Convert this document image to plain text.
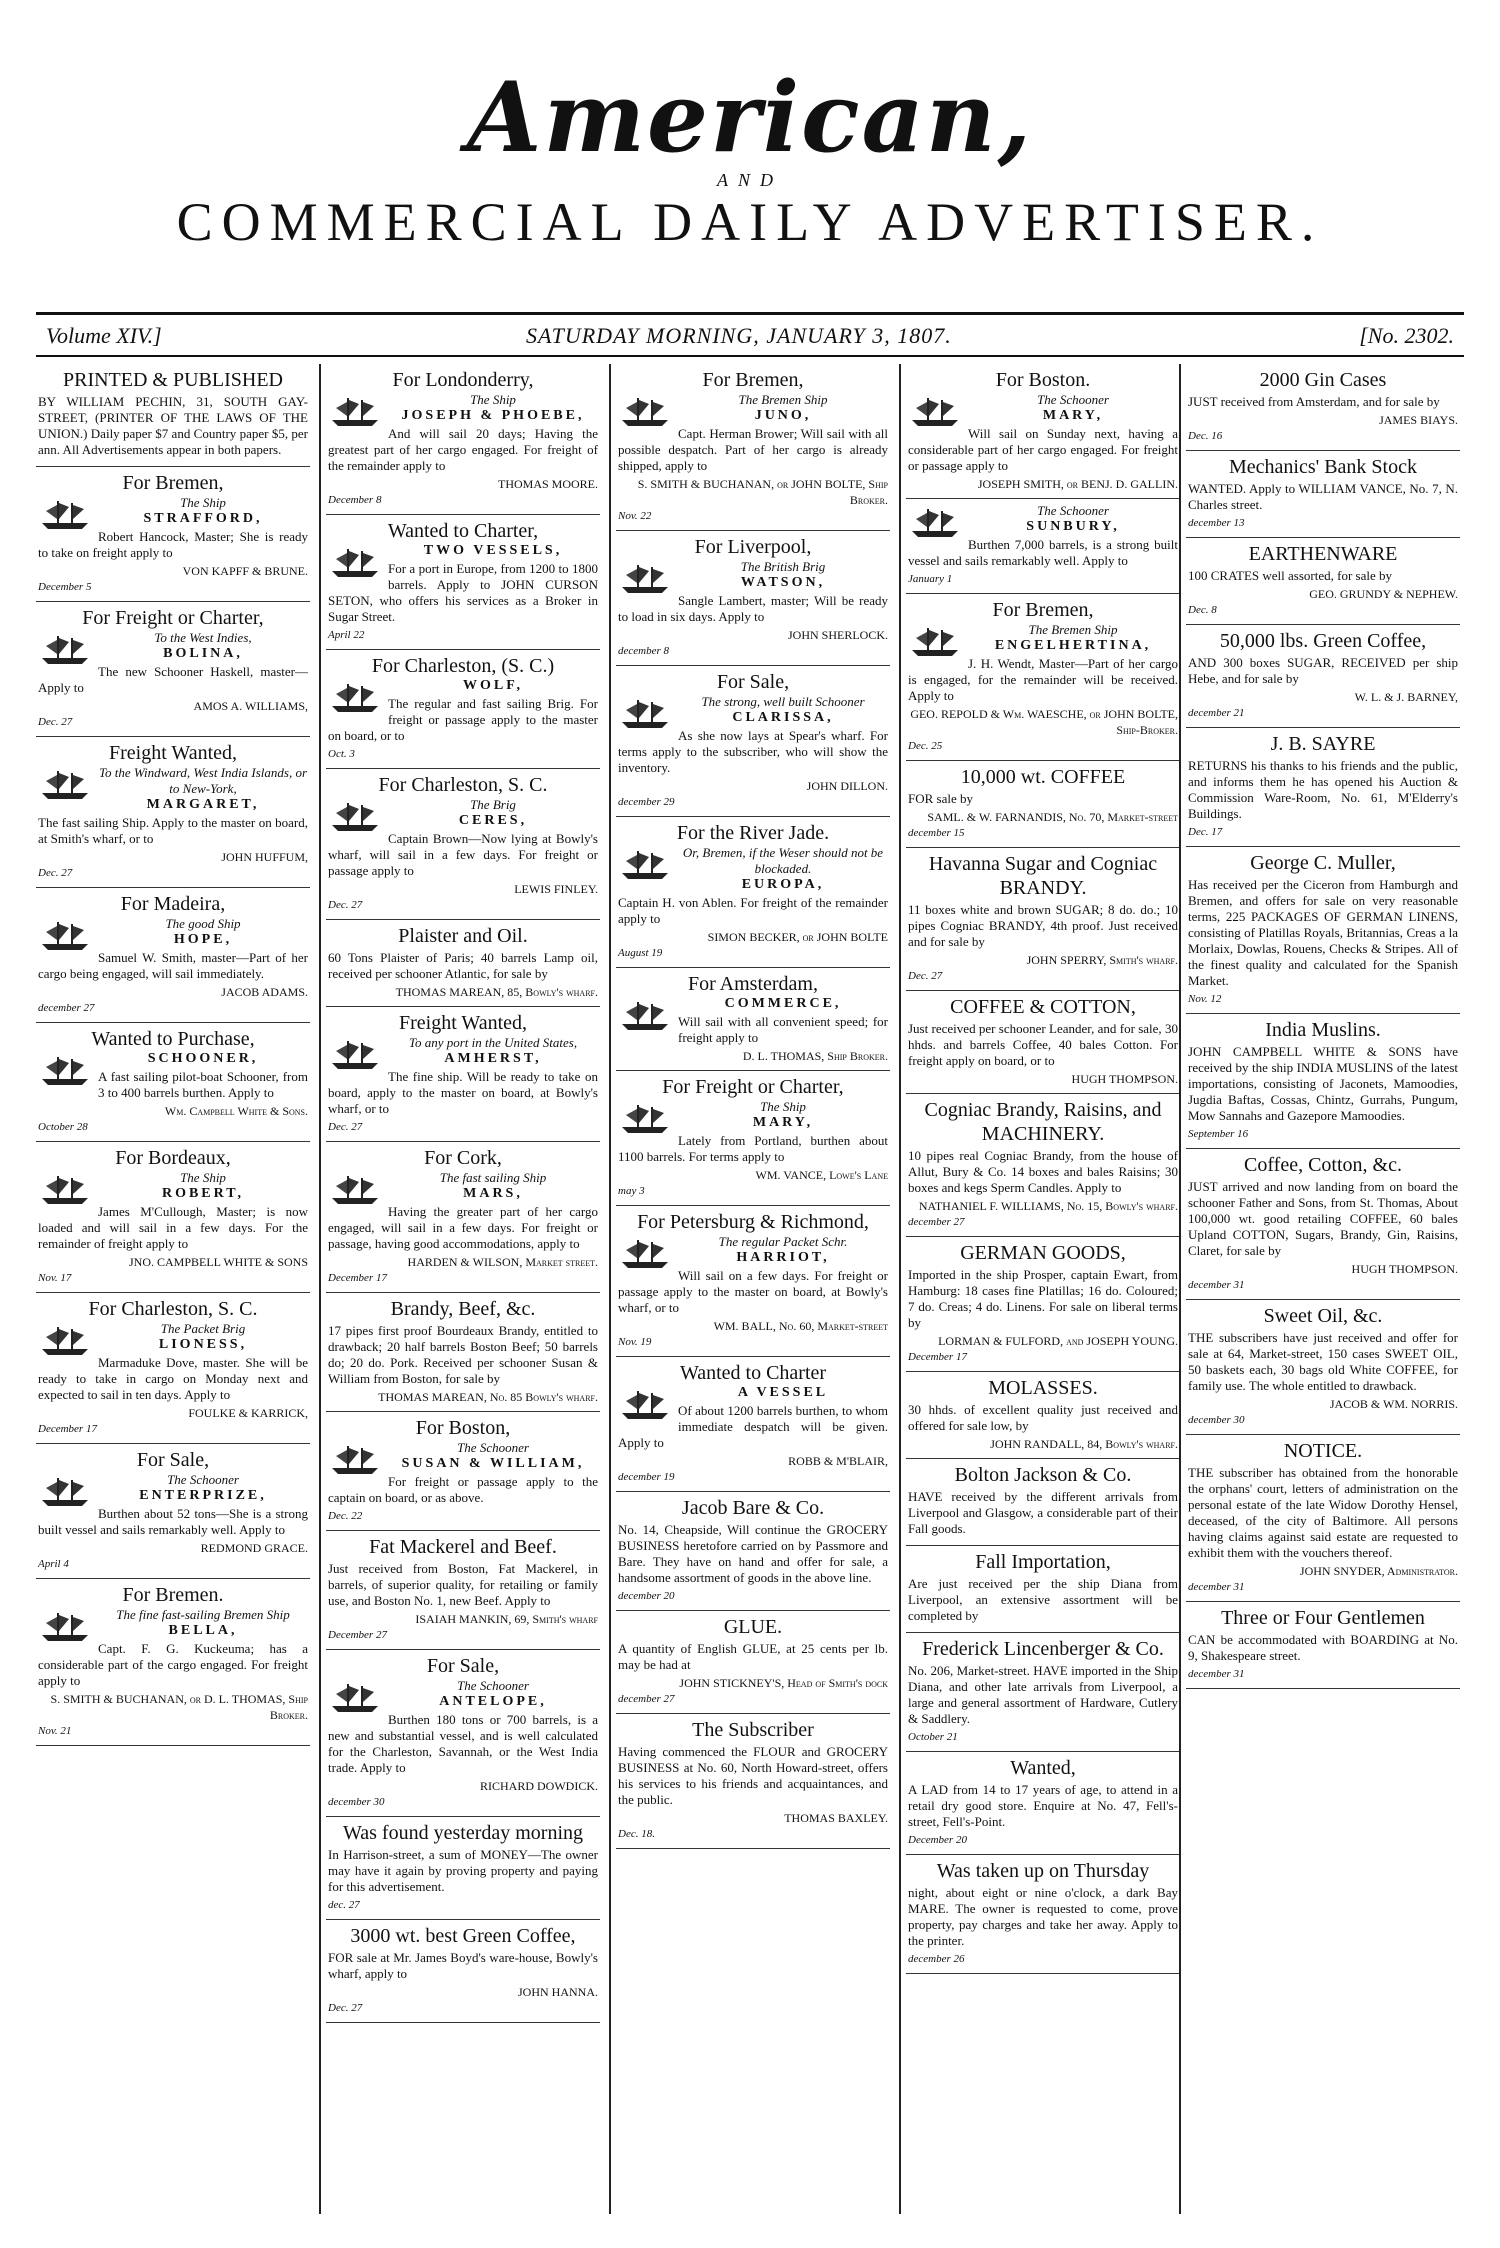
American,
AND
COMMERCIAL DAILY ADVERTISER.
Volume XIV.]	SATURDAY MORNING, JANUARY 3, 1807.	[No. 2302.
PRINTED & PUBLISHED

BY WILLIAM PECHIN, 31, SOUTH GAY-STREET, (PRINTER OF THE LAWS OF THE UNION.) Daily paper $7 and Country paper $5, per ann. All Advertisements appear in both papers.

For Bremen,
The Ship
STRAFFORD,

Robert Hancock, Master; She is ready to take on freight apply to

VON KAPFF & BRUNE.
December 5
For Freight or Charter,
To the West Indies,
BOLINA,

The new Schooner Haskell, master—Apply to

AMOS A. WILLIAMS,
Dec. 27
Freight Wanted,
To the Windward, West India Islands, or to New-York,
MARGARET,

The fast sailing Ship. Apply to the master on board, at Smith's wharf, or to

JOHN HUFFUM,
Dec. 27
For Madeira,
The good Ship
HOPE,

Samuel W. Smith, master—Part of her cargo being engaged, will sail immediately.

JACOB ADAMS.
december 27
Wanted to Purchase,
SCHOONER,

A fast sailing pilot-boat Schooner, from 3 to 400 barrels burthen. Apply to

Wm. Campbell White & Sons.
October 28
For Bordeaux,
The Ship
ROBERT,

James M'Cullough, Master; is now loaded and will sail in a few days. For the remainder of freight apply to

JNO. CAMPBELL WHITE & SONS
Nov. 17
For Charleston, S. C.
The Packet Brig
LIONESS,

Marmaduke Dove, master. She will be ready to take in cargo on Monday next and expected to sail in ten days. Apply to

FOULKE & KARRICK,
December 17
For Sale,
The Schooner
ENTERPRIZE,

Burthen about 52 tons—She is a strong built vessel and sails remarkably well. Apply to

REDMOND GRACE.
April 4
For Bremen.
The fine fast-sailing Bremen Ship
BELLA,

Capt. F. G. Kuckeuma; has a considerable part of the cargo engaged. For freight apply to

S. SMITH & BUCHANAN, or D. L. THOMAS, Ship Broker.
Nov. 21
For Londonderry,
The Ship
JOSEPH & PHOEBE,

And will sail 20 days; Having the greatest part of her cargo engaged. For freight of the remainder apply to

THOMAS MOORE.
December 8
Wanted to Charter,
TWO VESSELS,

For a port in Europe, from 1200 to 1800 barrels. Apply to JOHN CURSON SETON, who offers his services as a Broker in Sugar Street.

April 22
For Charleston, (S. C.)
WOLF,

The regular and fast sailing Brig. For freight or passage apply to the master on board, or to

Oct. 3
For Charleston, S. C.
The Brig
CERES,

Captain Brown—Now lying at Bowly's wharf, will sail in a few days. For freight or passage apply to

LEWIS FINLEY.
Dec. 27
Plaister and Oil.

60 Tons Plaister of Paris; 40 barrels Lamp oil, received per schooner Atlantic, for sale by

THOMAS MAREAN, 85, Bowly's wharf.
Freight Wanted,
To any port in the United States,
AMHERST,

The fine ship. Will be ready to take on board, apply to the master on board, at Bowly's wharf, or to

Dec. 27
For Cork,
The fast sailing Ship
MARS,

Having the greater part of her cargo engaged, will sail in a few days. For freight or passage, having good accommodations, apply to

HARDEN & WILSON, Market street.
December 17
Brandy, Beef, &c.

17 pipes first proof Bourdeaux Brandy, entitled to drawback; 20 half barrels Boston Beef; 50 barrels do; 20 do. Pork. Received per schooner Susan & William from Boston, for sale by

THOMAS MAREAN, No. 85 Bowly's wharf.
For Boston,
The Schooner
SUSAN & WILLIAM,

For freight or passage apply to the captain on board, or as above.

Dec. 22
Fat Mackerel and Beef.

Just received from Boston, Fat Mackerel, in barrels, of superior quality, for retailing or family use, and Boston No. 1, new Beef. Apply to

ISAIAH MANKIN, 69, Smith's wharf
December 27
For Sale,
The Schooner
ANTELOPE,

Burthen 180 tons or 700 barrels, is a new and substantial vessel, and is well calculated for the Charleston, Savannah, or the West India trade. Apply to

RICHARD DOWDICK.
december 30
Was found yesterday morning

In Harrison-street, a sum of MONEY—The owner may have it again by proving property and paying for this advertisement.

dec. 27
3000 wt. best Green Coffee,

FOR sale at Mr. James Boyd's ware-house, Bowly's wharf, apply to

JOHN HANNA.
Dec. 27
For Bremen,
The Bremen Ship
JUNO,

Capt. Herman Brower; Will sail with all possible despatch. Part of her cargo is already shipped, apply to

S. SMITH & BUCHANAN, or JOHN BOLTE, Ship Broker.
Nov. 22
For Liverpool,
The British Brig
WATSON,

Sangle Lambert, master; Will be ready to load in six days. Apply to

JOHN SHERLOCK.
december 8
For Sale,
The strong, well built Schooner
CLARISSA,

As she now lays at Spear's wharf. For terms apply to the subscriber, who will show the inventory.

JOHN DILLON.
december 29
For the River Jade.
Or, Bremen, if the Weser should not be blockaded.
EUROPA,

Captain H. von Ablen. For freight of the remainder apply to

SIMON BECKER, or JOHN BOLTE
August 19
For Amsterdam,
COMMERCE,

Will sail with all convenient speed; for freight apply to

D. L. THOMAS, Ship Broker.
For Freight or Charter,
The Ship
MARY,

Lately from Portland, burthen about 1100 barrels. For terms apply to

WM. VANCE, Lowe's Lane
may 3
For Petersburg & Richmond,
The regular Packet Schr.
HARRIOT,

Will sail on a few days. For freight or passage apply to the master on board, at Bowly's wharf, or to

WM. BALL, No. 60, Market-street
Nov. 19
Wanted to Charter
A VESSEL

Of about 1200 barrels burthen, to whom immediate despatch will be given. Apply to

ROBB & M'BLAIR,
december 19
Jacob Bare & Co.

No. 14, Cheapside, Will continue the GROCERY BUSINESS heretofore carried on by Passmore and Bare. They have on hand and offer for sale, a handsome assortment of goods in the above line.

december 20
GLUE.

A quantity of English GLUE, at 25 cents per lb. may be had at

JOHN STICKNEY'S, Head of Smith's dock
december 27
The Subscriber

Having commenced the FLOUR and GROCERY BUSINESS at No. 60, North Howard-street, offers his services to his friends and acquaintances, and the public.

THOMAS BAXLEY.
Dec. 18.
For Boston.
The Schooner
MARY,

Will sail on Sunday next, having a considerable part of her cargo engaged. For freight or passage apply to

JOSEPH SMITH, or BENJ. D. GALLIN.
The Schooner
SUNBURY,

Burthen 7,000 barrels, is a strong built vessel and sails remarkably well. Apply to

January 1
For Bremen,
The Bremen Ship
ENGELHERTINA,

J. H. Wendt, Master—Part of her cargo is engaged, for the remainder will be received. Apply to

GEO. REPOLD & Wm. WAESCHE, or JOHN BOLTE, Ship-Broker.
Dec. 25
10,000 wt. COFFEE

FOR sale by

SAML. & W. FARNANDIS, No. 70, Market-street
december 15
Havanna Sugar and Cogniac BRANDY.

11 boxes white and brown SUGAR; 8 do. do.; 10 pipes Cogniac BRANDY, 4th proof. Just received and for sale by

JOHN SPERRY, Smith's wharf.
Dec. 27
COFFEE & COTTON,

Just received per schooner Leander, and for sale, 30 hhds. and barrels Coffee, 40 bales Cotton. For freight apply on board, or to

HUGH THOMPSON.
Cogniac Brandy, Raisins, and MACHINERY.

10 pipes real Cogniac Brandy, from the house of Allut, Bury & Co. 14 boxes and bales Raisins; 30 boxes and kegs Sperm Candles. Apply to

NATHANIEL F. WILLIAMS, No. 15, Bowly's wharf.
december 27
GERMAN GOODS,

Imported in the ship Prosper, captain Ewart, from Hamburg: 18 cases fine Platillas; 16 do. Coloured; 7 do. Creas; 4 do. Linens. For sale on liberal terms by

LORMAN & FULFORD, and JOSEPH YOUNG.
December 17
MOLASSES.

30 hhds. of excellent quality just received and offered for sale low, by

JOHN RANDALL, 84, Bowly's wharf.
Bolton Jackson & Co.

HAVE received by the different arrivals from Liverpool and Glasgow, a considerable part of their Fall goods.

Fall Importation,

Are just received per the ship Diana from Liverpool, an extensive assortment will be completed by

Frederick Lincenberger & Co.

No. 206, Market-street. HAVE imported in the Ship Diana, and other late arrivals from Liverpool, a large and general assortment of Hardware, Cutlery & Saddlery.

October 21
Wanted,

A LAD from 14 to 17 years of age, to attend in a retail dry good store. Enquire at No. 47, Fell's-street, Fell's-Point.

December 20
Was taken up on Thursday

night, about eight or nine o'clock, a dark Bay MARE. The owner is requested to come, prove property, pay charges and take her away. Apply to the printer.

december 26
2000 Gin Cases

JUST received from Amsterdam, and for sale by

JAMES BIAYS.
Dec. 16
Mechanics' Bank Stock

WANTED. Apply to WILLIAM VANCE, No. 7, N. Charles street.

december 13
EARTHENWARE

100 CRATES well assorted, for sale by

GEO. GRUNDY & NEPHEW.
Dec. 8
50,000 lbs. Green Coffee,

AND 300 boxes SUGAR, RECEIVED per ship Hebe, and for sale by

W. L. & J. BARNEY,
december 21
J. B. SAYRE

RETURNS his thanks to his friends and the public, and informs them he has opened his Auction & Commission Ware-Room, No. 61, M'Elderry's Buildings.

Dec. 17
George C. Muller,

Has received per the Ciceron from Hamburgh and Bremen, and offers for sale on very reasonable terms, 225 PACKAGES OF GERMAN LINENS, consisting of Platillas Royals, Britannias, Creas a la Morlaix, Dowlas, Rouens, Checks & Stripes. All of the finest quality and calculated for the Spanish Market.

Nov. 12
India Muslins.

JOHN CAMPBELL WHITE & SONS have received by the ship INDIA MUSLINS of the latest importations, consisting of Jaconets, Mamoodies, Jugdia Baftas, Cossas, Chintz, Gurrahs, Pungum, Mow Sannahs and Gazepore Mamoodies.

September 16
Coffee, Cotton, &c.

JUST arrived and now landing from on board the schooner Father and Sons, from St. Thomas, About 100,000 wt. good retailing COFFEE, 60 bales Upland COTTON, Sugars, Brandy, Gin, Raisins, Claret, for sale by

HUGH THOMPSON.
december 31
Sweet Oil, &c.

THE subscribers have just received and offer for sale at 64, Market-street, 150 cases SWEET OIL, 50 baskets each, 30 bags old White COFFEE, for family use. The whole entitled to drawback.

JACOB & WM. NORRIS.
december 30
NOTICE.

THE subscriber has obtained from the honorable the orphans' court, letters of administration on the personal estate of the late Widow Dorothy Hensel, deceased, of the city of Baltimore. All persons having claims against said estate are requested to exhibit them with the vouchers thereof.

JOHN SNYDER, Administrator.
december 31
Three or Four Gentlemen

CAN be accommodated with BOARDING at No. 9, Shakespeare street.

december 31
